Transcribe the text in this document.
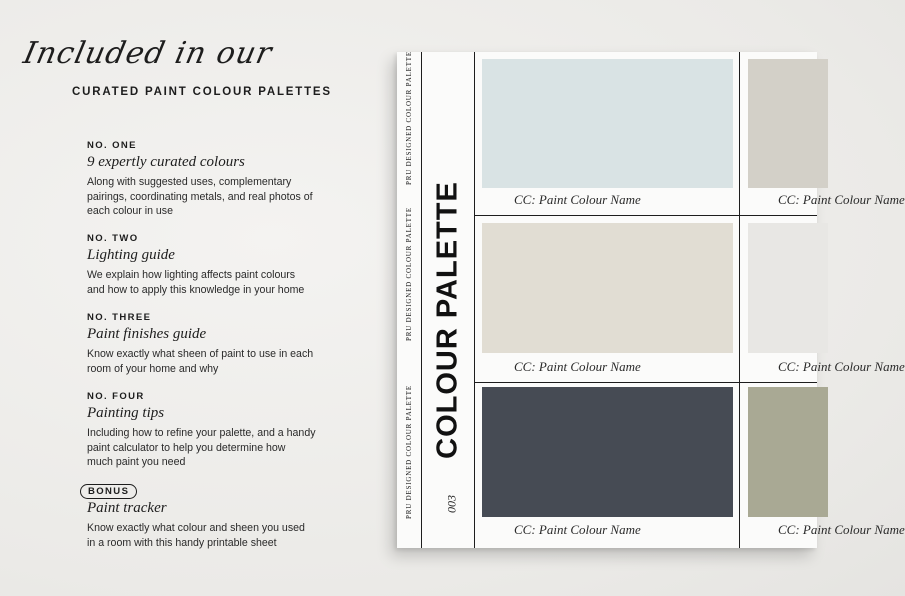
Included in our
CURATED PAINT COLOUR PALETTES
NO. ONE
9 expertly curated colours
Along with suggested uses, complementary
pairings, coordinating metals, and real photos of
each colour in use
NO. TWO
Lighting guide
We explain how lighting affects paint colours
and how to apply this knowledge in your home
NO. THREE
Paint finishes guide
Know exactly what sheen of paint to use in each
room of your home and why
NO. FOUR
Painting tips
Including how to refine your palette, and a handy
paint calculator to help you determine how
much paint you need
BONUS
Paint tracker
Know exactly what colour and sheen you used
in a room with this handy printable sheet
PRU DESIGNED COLOUR PALETTE
PRU DESIGNED COLOUR PALETTE
PRU DESIGNED COLOUR PALETTE COLOUR PALETTE
003
CC: Paint Colour Name	CC: Paint Colour Name
CC: Paint Colour Name	CC: Paint Colour Name
CC: Paint Colour Name	CC: Paint Colour Name
